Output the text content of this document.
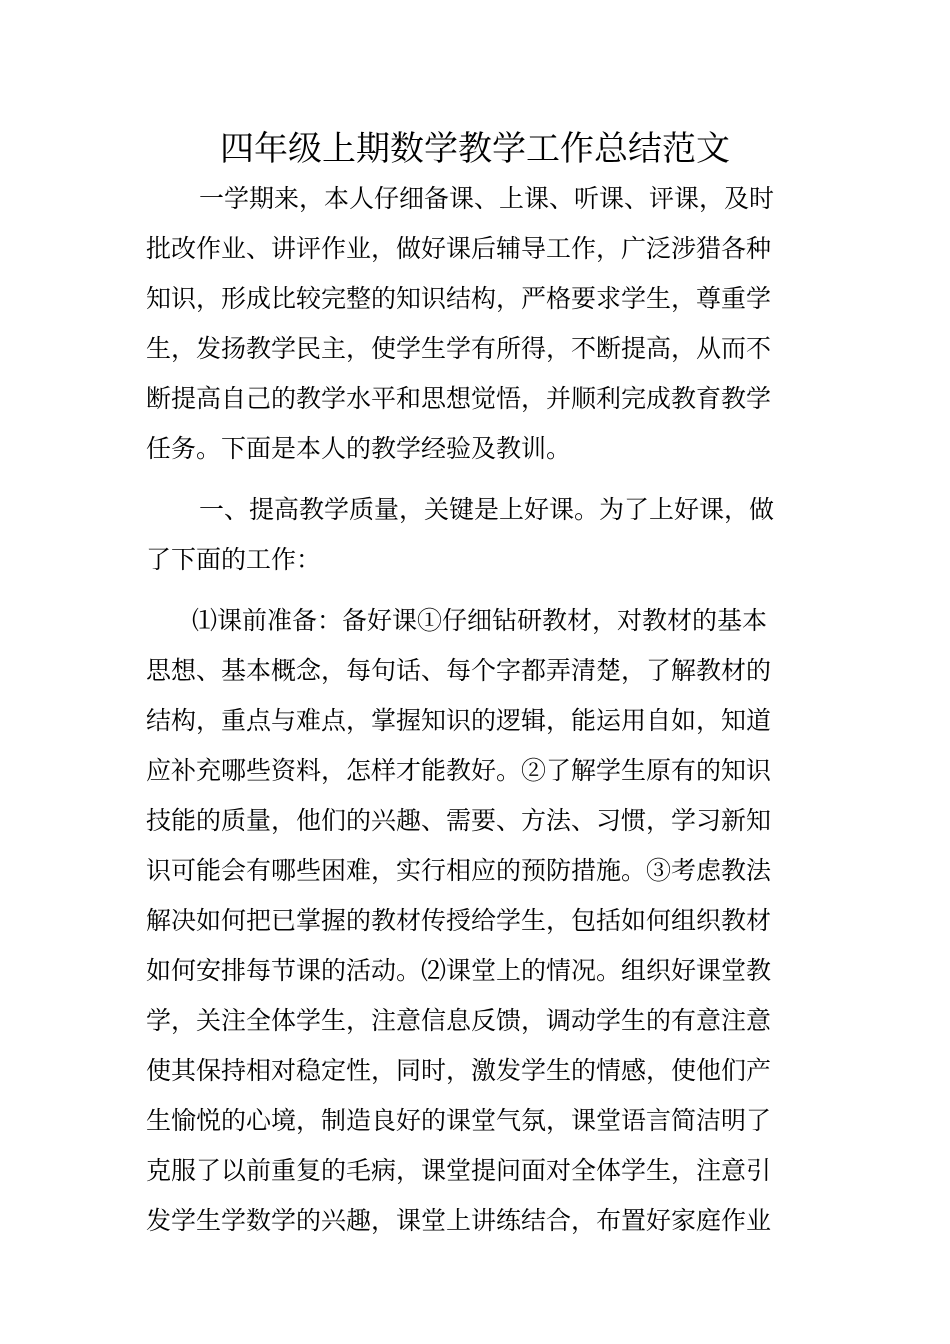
四年级上期数学教学工作总结范文
一学期来，本人仔细备课、上课、听课、评课，及时
批改作业、讲评作业，做好课后辅导工作，广泛涉猎各种
知识，形成比较完整的知识结构，严格要求学生，尊重学
生，发扬教学民主，使学生学有所得，不断提高，从而不
断提高自己的教学水平和思想觉悟，并顺利完成教育教学
任务。下面是本人的教学经验及教训。
一、提高教学质量，关键是上好课。为了上好课，做
了下面的工作：
⑴课前准备：备好课①仔细钻研教材，对教材的基本
思想、基本概念，每句话、每个字都弄清楚，了解教材的
结构，重点与难点，掌握知识的逻辑，能运用自如，知道
应补充哪些资料，怎样才能教好。②了解学生原有的知识
技能的质量，他们的兴趣、需要、方法、习惯，学习新知
识可能会有哪些困难，实行相应的预防措施。③考虑教法
解决如何把已掌握的教材传授给学生，包括如何组织教材
如何安排每节课的活动。⑵课堂上的情况。组织好课堂教
学，关注全体学生，注意信息反馈，调动学生的有意注意
使其保持相对稳定性，同时，激发学生的情感，使他们产
生愉悦的心境，制造良好的课堂气氛，课堂语言简洁明了
克服了以前重复的毛病，课堂提问面对全体学生，注意引
发学生学数学的兴趣，课堂上讲练结合，布置好家庭作业
